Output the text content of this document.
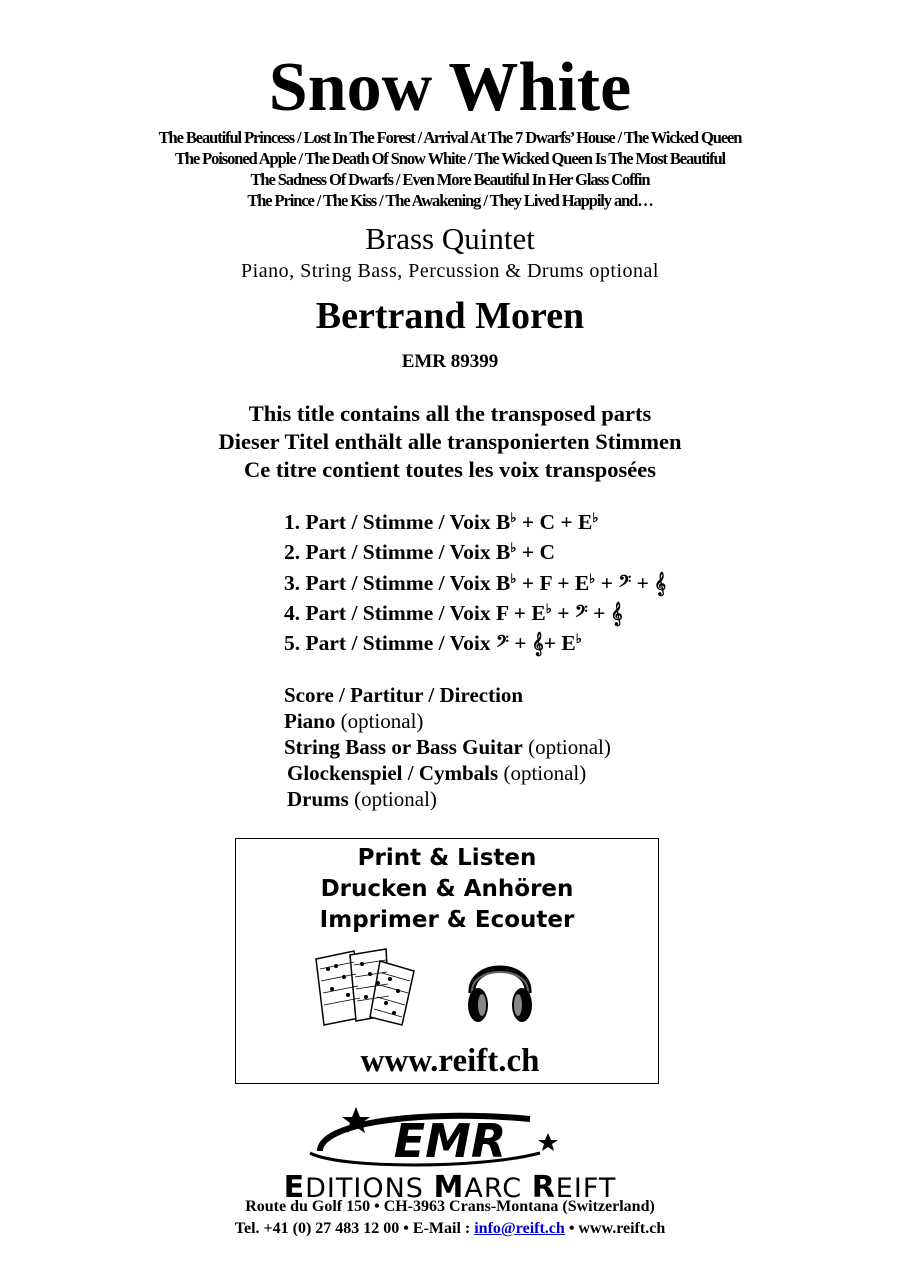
Snow White
The Beautiful Princess / Lost In The Forest / Arrival At The 7 Dwarfs’ House / The Wicked Queen
The Poisoned Apple / The Death Of Snow White / The Wicked Queen Is The Most Beautiful
The Sadness Of Dwarfs / Even More Beautiful In Her Glass Coffin
The Prince / The Kiss / The Awakening / They Lived Happily and…
Brass Quintet
Piano, String Bass, Percussion & Drums optional
Bertrand Moren
EMR 89399
This title contains all the transposed parts
Dieser Titel enthält alle transponierten Stimmen
Ce titre contient toutes les voix transposées
1. Part / Stimme / Voix B♭ + C + E♭
2. Part / Stimme / Voix B♭ + C
3. Part / Stimme / Voix B♭ + F + E♭ + 𝄢 + 𝄞
4. Part / Stimme / Voix F + E♭ + 𝄢 + 𝄞
5. Part / Stimme / Voix 𝄢 + 𝄞+ E♭
Score / Partitur / Direction
Piano (optional)
String Bass or Bass Guitar (optional)
Glockenspiel / Cymbals (optional)
Drums (optional)
Print & Listen
Drucken & Anhören
Imprimer & Ecouter
www.reift.ch
EMR
EDITIONS MARC REIFT
Route du Golf 150 • CH-3963 Crans-Montana (Switzerland)
Tel. +41 (0) 27 483 12 00 • E-Mail : info@reift.ch • www.reift.ch
